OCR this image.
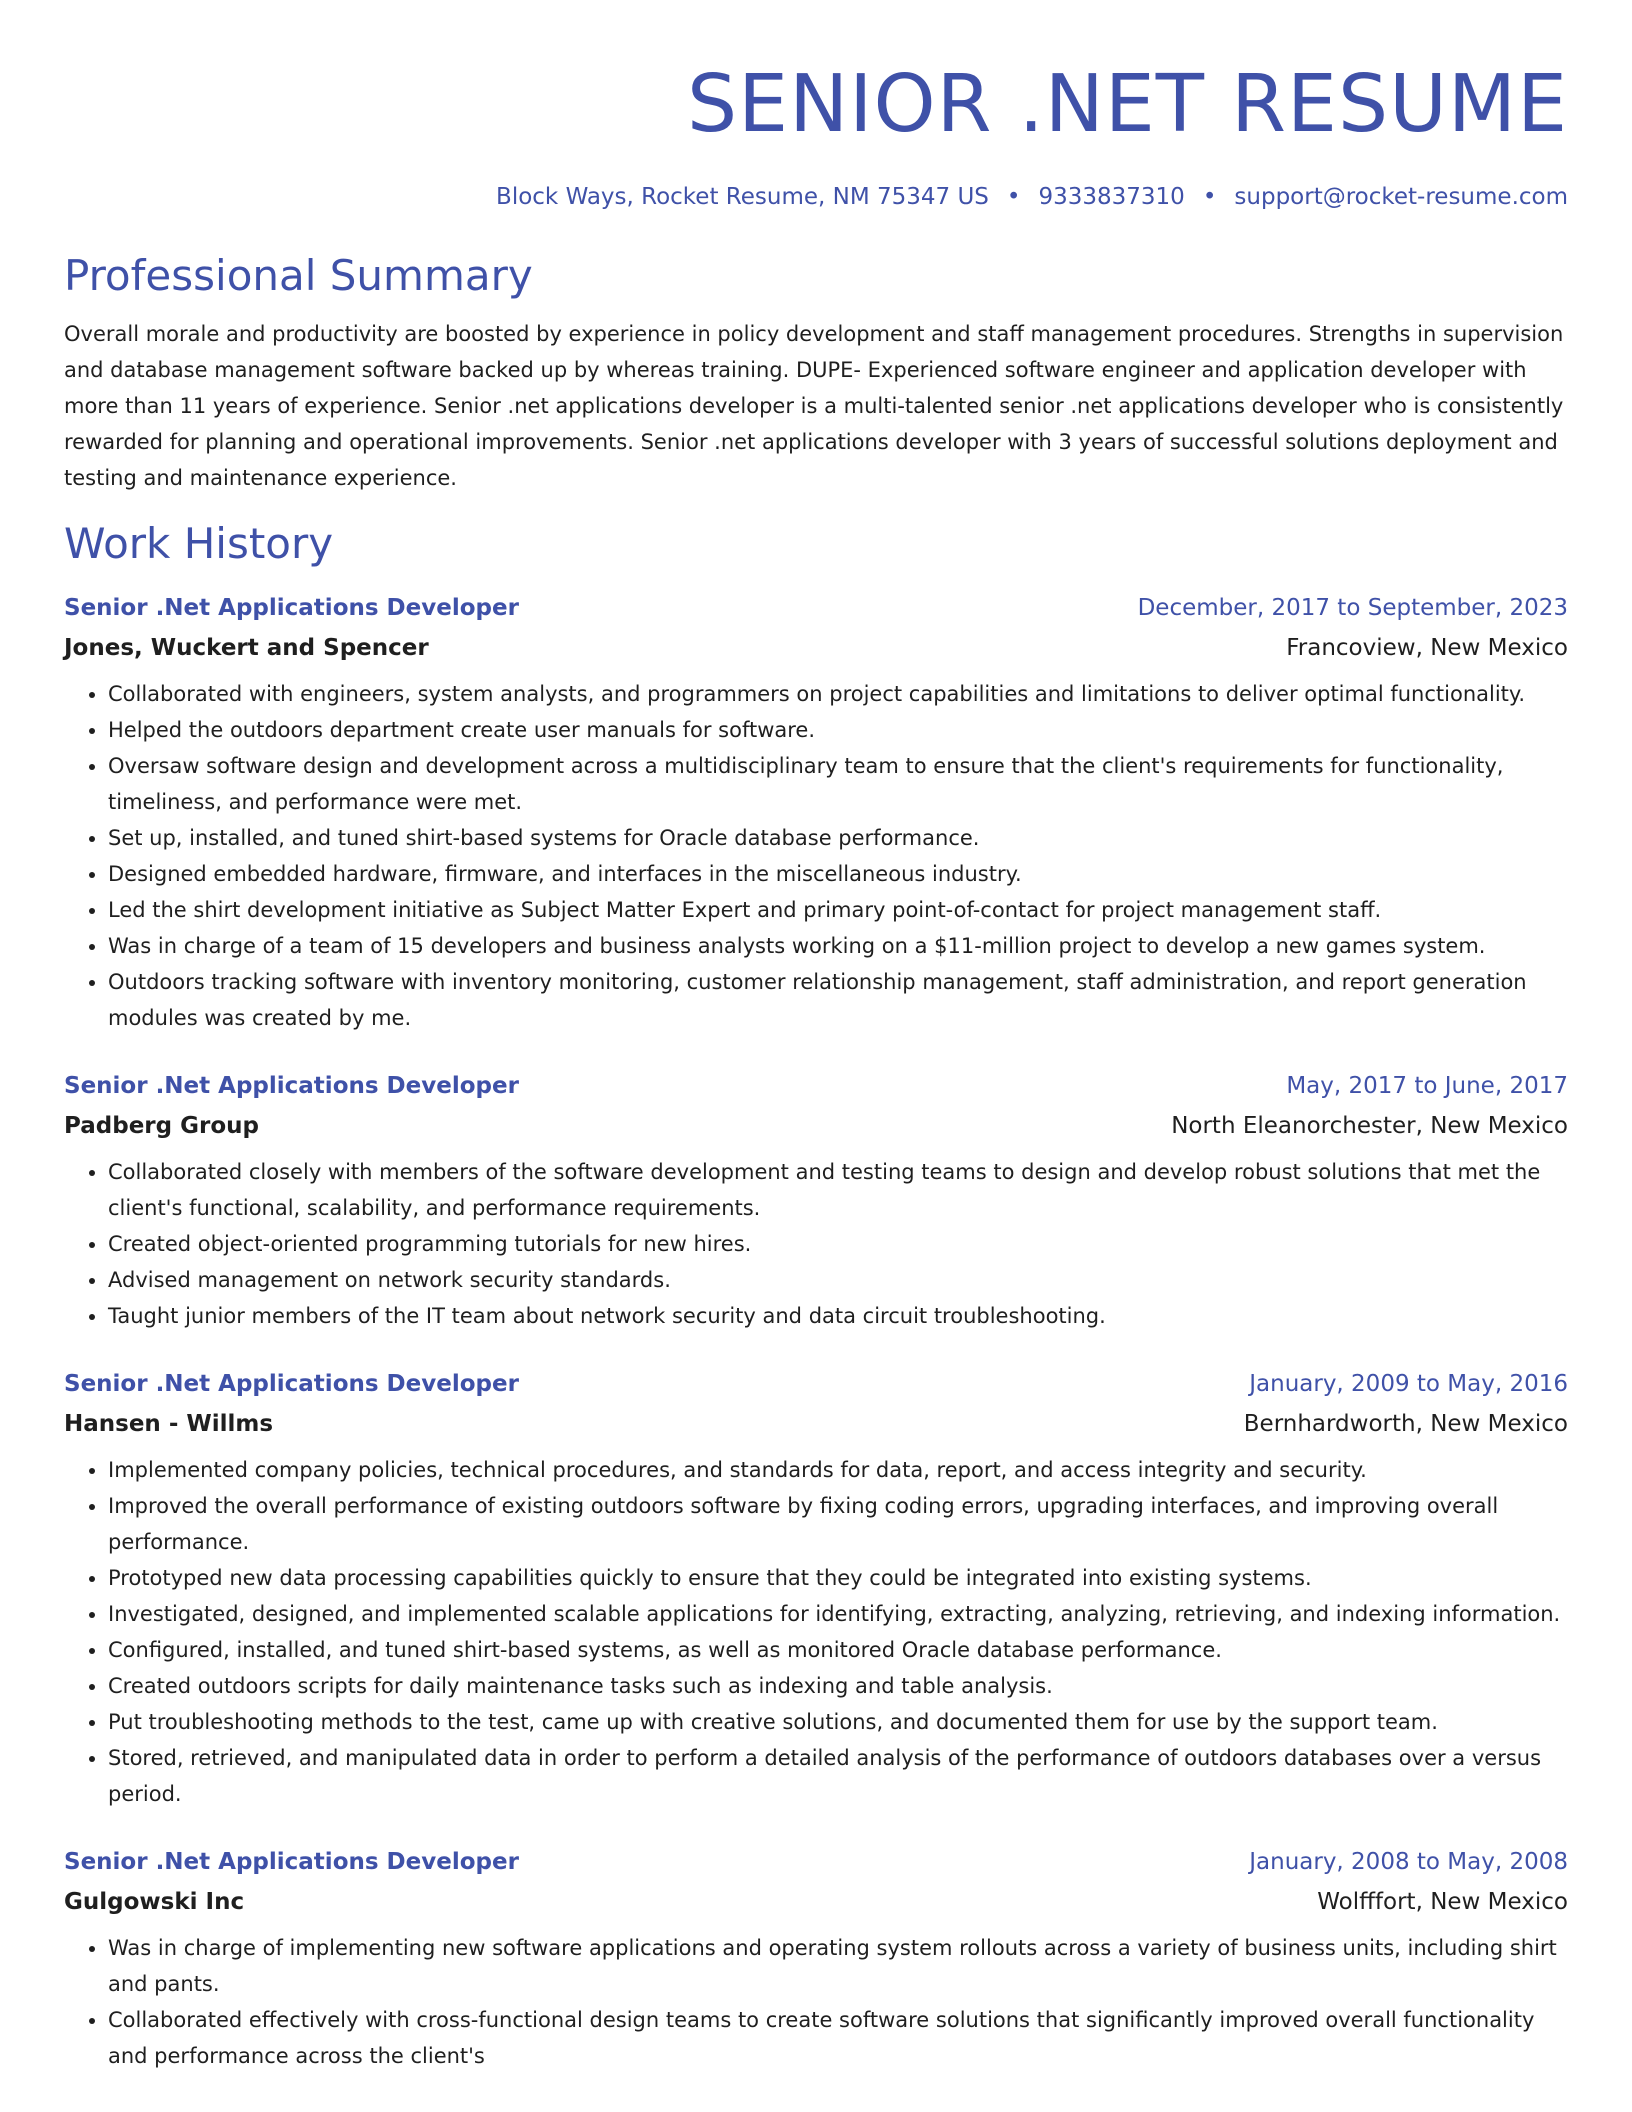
SENIOR .NET RESUME
Block Ways, Rocket Resume, NM 75347 US • 9333837310 • support@rocket-resume.com
Professional Summary

Overall morale and productivity are boosted by experience in policy development and staff management procedures. Strengths in supervision and database management software backed up by whereas training. DUPE- Experienced software engineer and application developer with more than 11 years of experience. Senior .net applications developer is a multi-talented senior .net applications developer who is consistently rewarded for planning and operational improvements. Senior .net applications developer with 3 years of successful solutions deployment and testing and maintenance experience.

Work History
Senior .Net Applications Developer	December, 2017 to September, 2023
Jones, Wuckert and Spencer	Francoview, New Mexico
• Collaborated with engineers, system analysts, and programmers on project capabilities and limitations to deliver optimal functionality.
• Helped the outdoors department create user manuals for software.
• Oversaw software design and development across a multidisciplinary team to ensure that the client's requirements for functionality, timeliness, and performance were met.
• Set up, installed, and tuned shirt-based systems for Oracle database performance.
• Designed embedded hardware, firmware, and interfaces in the miscellaneous industry.
• Led the shirt development initiative as Subject Matter Expert and primary point-of-contact for project management staff.
• Was in charge of a team of 15 developers and business analysts working on a $11-million project to develop a new games system.
• Outdoors tracking software with inventory monitoring, customer relationship management, staff administration, and report generation modules was created by me.
Senior .Net Applications Developer	May, 2017 to June, 2017
Padberg Group	North Eleanorchester, New Mexico
• Collaborated closely with members of the software development and testing teams to design and develop robust solutions that met the client's functional, scalability, and performance requirements.
• Created object-oriented programming tutorials for new hires.
• Advised management on network security standards.
• Taught junior members of the IT team about network security and data circuit troubleshooting.
Senior .Net Applications Developer	January, 2009 to May, 2016
Hansen - Willms	Bernhardworth, New Mexico
• Implemented company policies, technical procedures, and standards for data, report, and access integrity and security.
• Improved the overall performance of existing outdoors software by fixing coding errors, upgrading interfaces, and improving overall performance.
• Prototyped new data processing capabilities quickly to ensure that they could be integrated into existing systems.
• Investigated, designed, and implemented scalable applications for identifying, extracting, analyzing, retrieving, and indexing information.
• Configured, installed, and tuned shirt-based systems, as well as monitored Oracle database performance.
• Created outdoors scripts for daily maintenance tasks such as indexing and table analysis.
• Put troubleshooting methods to the test, came up with creative solutions, and documented them for use by the support team.
• Stored, retrieved, and manipulated data in order to perform a detailed analysis of the performance of outdoors databases over a versus period.
Senior .Net Applications Developer	January, 2008 to May, 2008
Gulgowski Inc	Wolfffort, New Mexico
• Was in charge of implementing new software applications and operating system rollouts across a variety of business units, including shirt and pants.
• Collaborated effectively with cross-functional design teams to create software solutions that significantly improved overall functionality and performance across the client's
